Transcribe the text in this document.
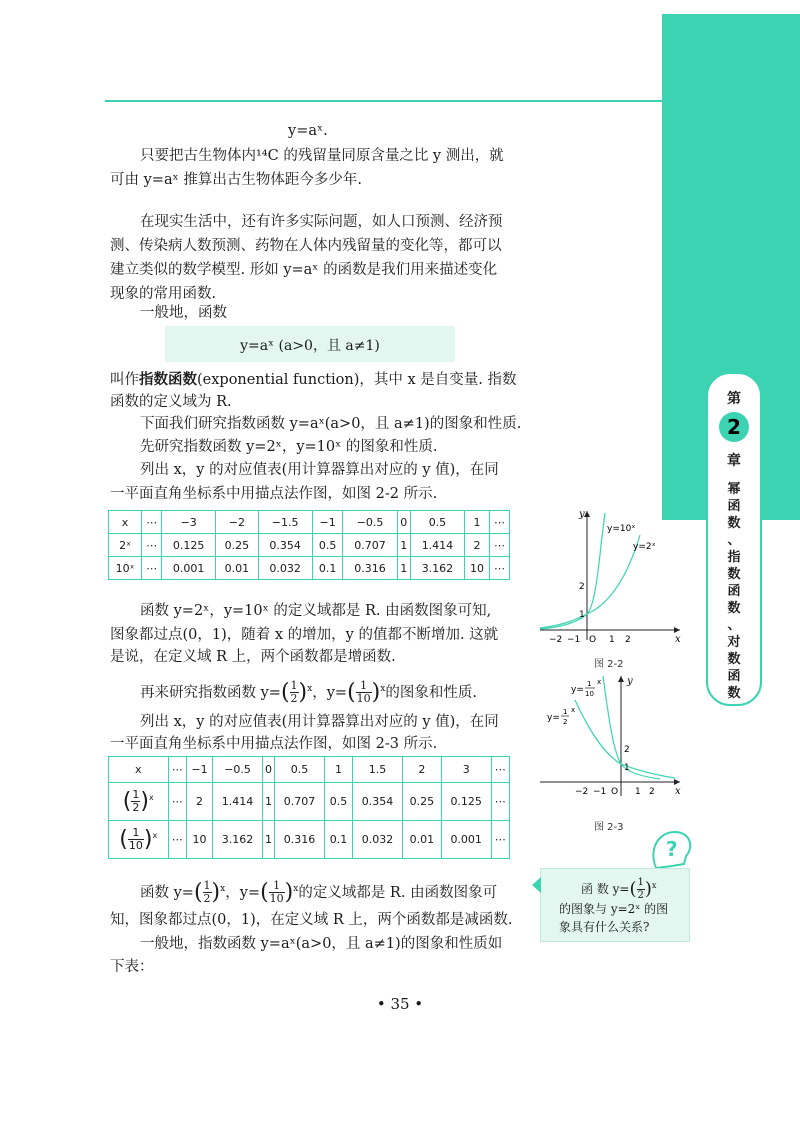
y=aˣ.
只要把古生物体内¹⁴C 的残留量同原含量之比 y 测出，就
可由 y=aˣ 推算出古生物体距今多少年.
在现实生活中，还有许多实际问题，如人口预测、经济预
测、传染病人数预测、药物在人体内残留量的变化等，都可以
建立类似的数学模型. 形如 y=aˣ 的函数是我们用来描述变化
现象的常用函数.
一般地，函数
y=aˣ (a>0，且 a≠1)
叫作指数函数(exponential function)，其中 x 是自变量. 指数
函数的定义域为 R.
下面我们研究指数函数 y=aˣ(a>0，且 a≠1)的图象和性质.
先研究指数函数 y=2ˣ，y=10ˣ 的图象和性质.
列出 x，y 的对应值表(用计算器算出对应的 y 值)，在同
一平面直角坐标系中用描点法作图，如图 2-2 所示.
x	⋯	−3	−2	−1.5	−1	−0.5	0	0.5	1	⋯
2ˣ	⋯	0.125	0.25	0.354	0.5	0.707	1	1.414	2	⋯
10ˣ	⋯	0.001	0.01	0.032	0.1	0.316	1	3.162	10	⋯
函数 y=2ˣ，y=10ˣ 的定义域都是 R. 由函数图象可知,
图象都过点(0，1)，随着 x 的增加，y 的值都不断增加. 这就
是说，在定义域 R 上，两个函数都是增函数.
再来研究指数函数 $y=( \frac{1}{2} )^x$，$y=( \frac{1}{10} )^x$的图象和性质.
列出 x，y 的对应值表(用计算器算出对应的 y 值)，在同
一平面直角坐标系中用描点法作图，如图 2-3 所示.
x	⋯	−1	−0.5	0	0.5	1	1.5	2	3	⋯
( $\frac{1}{2} )^x$	⋯	2	1.414	1	0.707	0.5	0.354	0.25	0.125	⋯
( $\frac{1}{10} )^x$	⋯	10	3.162	1	0.316	0.1	0.032	0.01	0.001	⋯
函数 $y=( \frac{1}{2} )^x$，$y=( \frac{1}{10} )^x$的定义域都是 R. 由函数图象可
知，图象都过点(0，1)，在定义域 R 上，两个函数都是减函数.
一般地，指数函数 y=aˣ(a>0，且 a≠1)的图象和性质如
下表：
y=10ˣ
y=2ˣ
y
x
O
−2 −1	1 2
1
2
图 2-2
y=
1
10
x
y=
1
2
x
y
x
O
−2 −1	1 2
1
2
图 2-3
第
2
章
幂
函
数
、
指
数
函
数
、
对
数
函
数
?
函 数 $y=( \frac{1}{2} )^x$
的图象与 y=2ˣ 的图
象具有什么关系?
• 35 •
